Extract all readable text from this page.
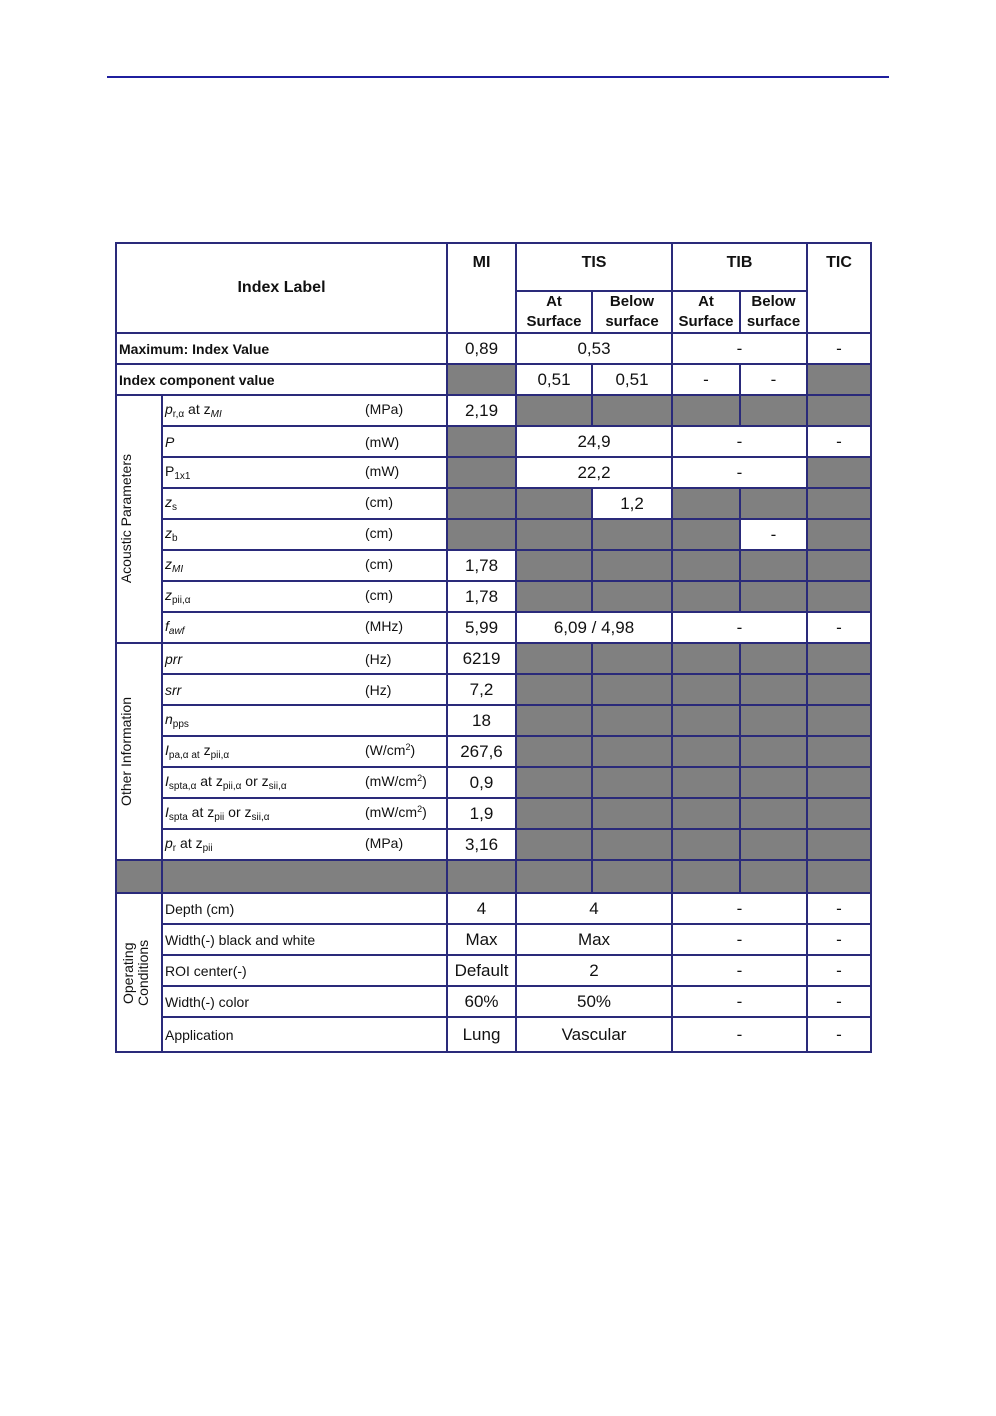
Index Label		MI	TIS		TIB		TIC
			At Surface	Below surface	At Surface	Below surface	
Maximum: Index Value		0,89	0,53		-		-
Index component value			0,51	0,51	-	-	

Acoustic Parameters	$p_{r,\alpha}$ at $z_{MI}$ (MPa)	2,19					
	P (mW)		24,9		-		-
	$P_{1x1}$ (mW)		22,2		-		
	$z_s$ (cm)			1,2			
	$z_b$ (cm)					-	
	$z_{MI}$ (cm)	1,78					
	$z_{pii,\alpha}$ (cm)	1,78					
	$f_{awf}$ (MHz)	5,99	6,09 / 4,98		-		-

Other Information	prr (Hz)	6219					
	srr (Hz)	7,2					
	$n_{pps}$	18					
	$I_{pa,\alpha at}$ $z_{pii,\alpha}$ $(W/cm^2)$	267,6					
	$I_{spta,\alpha}$ at $z_{pii,\alpha}$ or $z_{sii,\alpha}$ $(mW/cm^2)$	0,9					
	$I_{spta}$ at $z_{pii}$ or $z_{sii,\alpha}$ $(mW/cm^2)$	1,9					
	$p_r$ at $z_{pii}$ (MPa)	3,16					

Operating Conditions	Depth (cm)	4	4		-		-
	Width(-) black and white	Max	Max		-		-
	ROI center(-)	Default	2		-		-
	Width(-) color	60%	50%		-		-
	Application	Lung	Vascular		-		-
